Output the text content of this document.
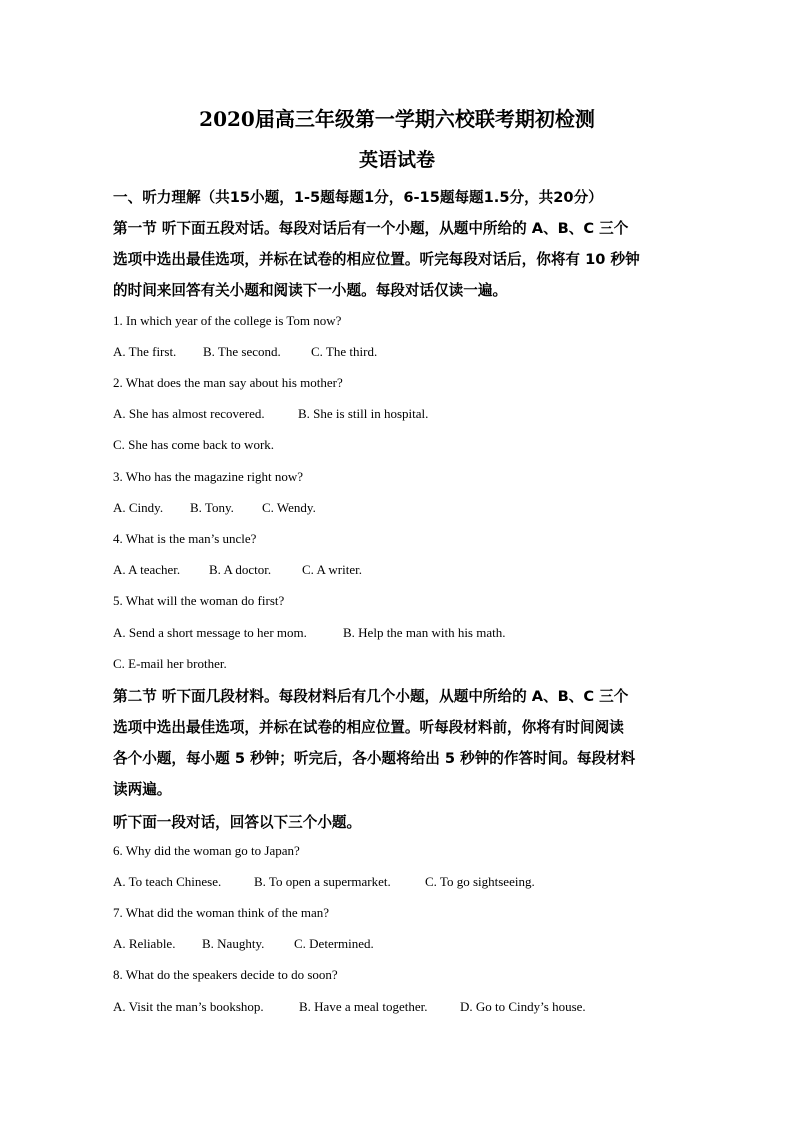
2020届高三年级第一学期六校联考期初检测
英语试卷
一、听力理解（共15小题，1-5题每题1分，6-15题每题1.5分，共20分）
第一节 听下面五段对话。每段对话后有一个小题，从题中所给的 A、B、C 三个
选项中选出最佳选项，并标在试卷的相应位置。听完每段对话后，你将有 10 秒钟
的时间来回答有关小题和阅读下一小题。每段对话仅读一遍。
1. In which year of the college is Tom now?
A. The first. B. The second. C. The third.
2. What does the man say about his mother?
A. She has almost recovered.	B. She is still in hospital.
C. She has come back to work.
3. Who has the magazine right now?
A. Cindy. B. Tony. C. Wendy.
4. What is the man’s uncle?
A. A teacher. B. A doctor. C. A writer.
5. What will the woman do first?
A. Send a short message to her mom.	B. Help the man with his math.
C. E-mail her brother.
第二节 听下面几段材料。每段材料后有几个小题，从题中所给的 A、B、C 三个
选项中选出最佳选项，并标在试卷的相应位置。听每段材料前，你将有时间阅读
各个小题，每小题 5 秒钟；听完后，各小题将给出 5 秒钟的作答时间。每段材料
读两遍。
听下面一段对话，回答以下三个小题。
6. Why did the woman go to Japan?
A. To teach Chinese.	B. To open a supermarket.	C. To go sightseeing.
7. What did the woman think of the man?
A. Reliable. B. Naughty. C. Determined.
8. What do the speakers decide to do soon?
A. Visit the man’s bookshop.	B. Have a meal together. D. Go to Cindy’s house.
